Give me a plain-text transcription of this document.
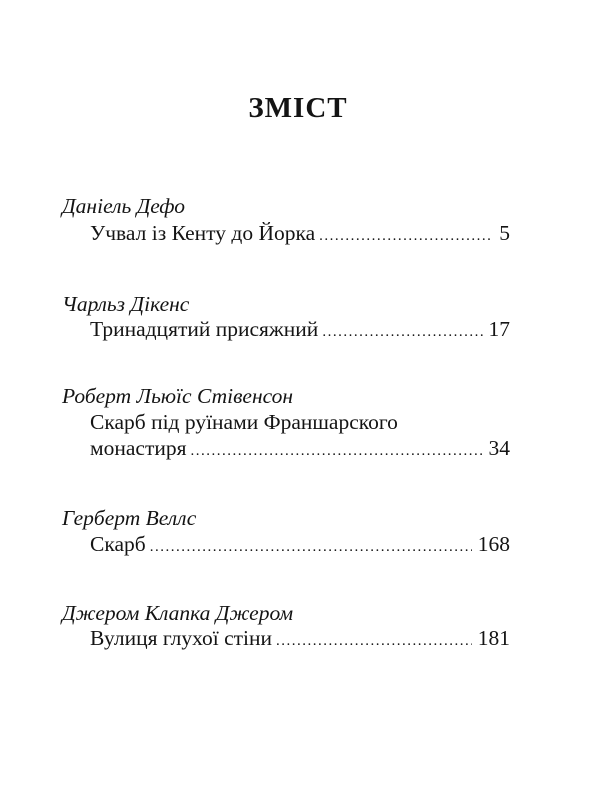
ЗМІСТ
Даніель Дефо
Учвал із Кенту до Йорка .....	5
Чарльз Дікенс
Тринадцятий присяжний .....	17
Роберт Льюїс Стівенсон
Скарб під руїнами Франшарского
монастиря .....	34
Герберт Веллс
Скарб .....	168
Джером Клапка Джером
Вулиця глухої стіни .....	181
